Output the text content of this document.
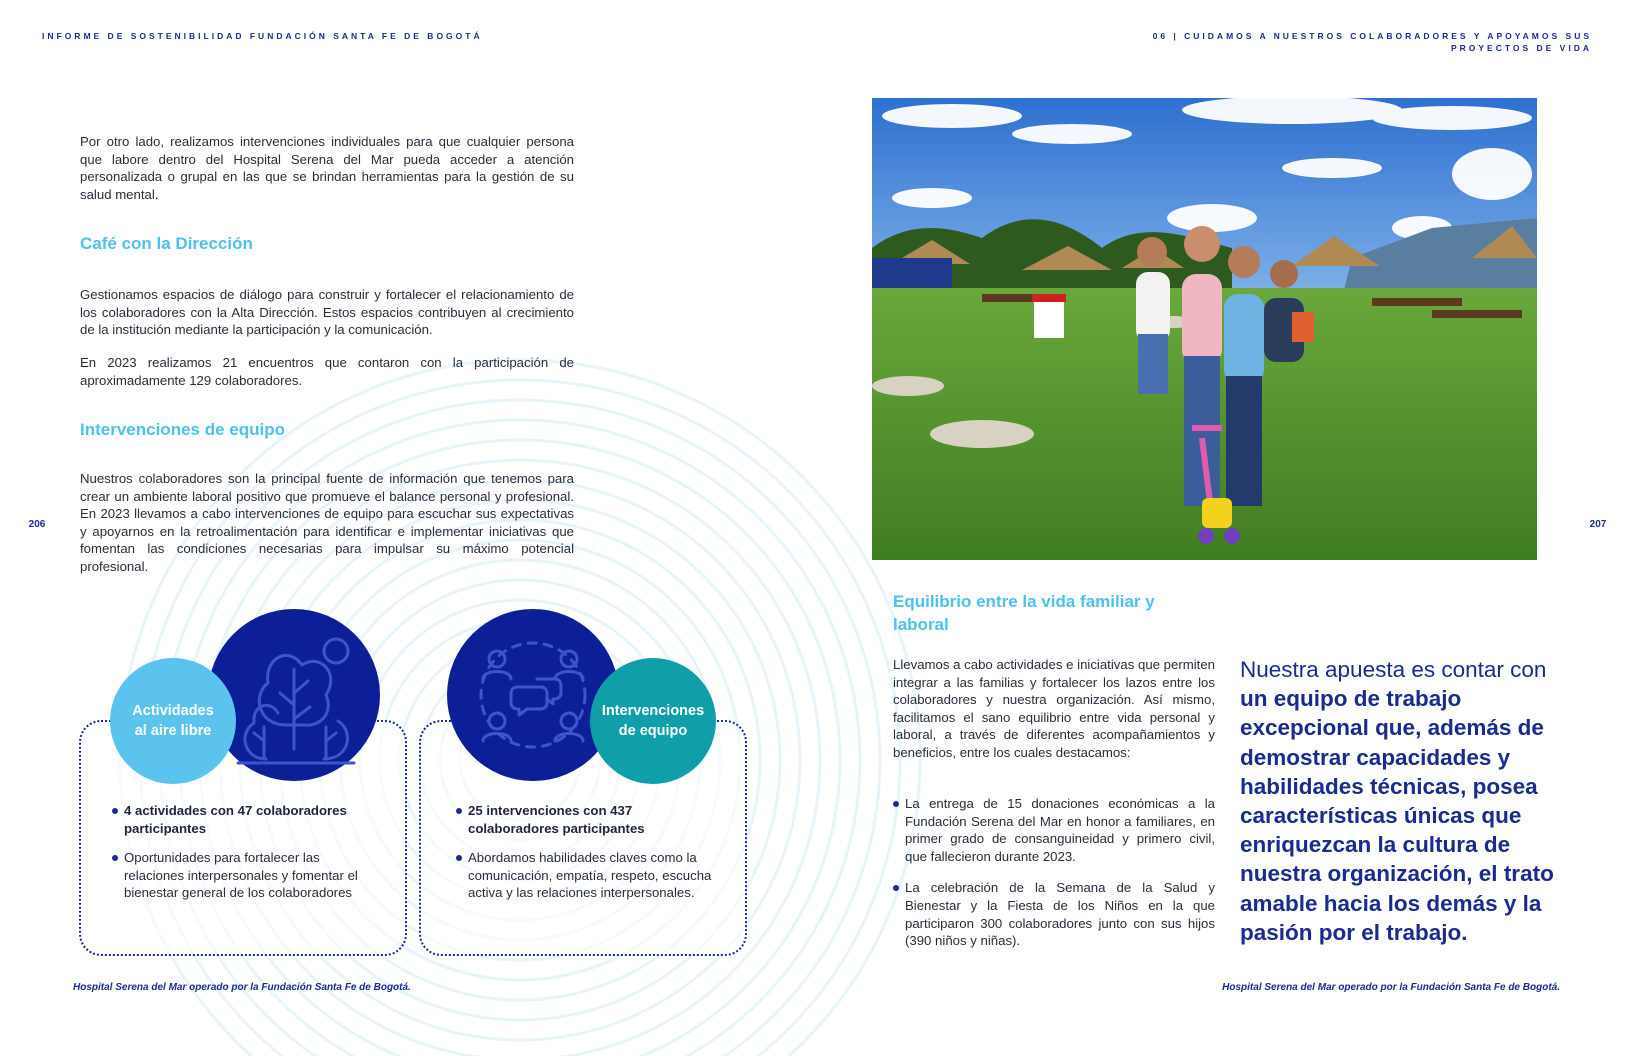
INFORME DE SOSTENIBILIDAD FUNDACIÓN SANTA FE DE BOGOTÁ	06 | CUIDAMOS A NUESTROS COLABORADORES Y APOYAMOS SUS PROYECTOS DE VIDA
206	207

Por otro lado, realizamos intervenciones individuales para que cualquier persona que labore dentro del Hospital Serena del Mar pueda acceder a atención personalizada o grupal en las que se brindan herramientas para la gestión de su salud mental.

Café con la Dirección

Gestionamos espacios de diálogo para construir y fortalecer el relacionamiento de los colaboradores con la Alta Dirección. Estos espacios contribuyen al crecimiento de la institución mediante la participación y la comunicación.

En 2023 realizamos 21 encuentros que contaron con la participación de aproximadamente 129 colaboradores.

Intervenciones de equipo

Nuestros colaboradores son la principal fuente de información que tenemos para crear un ambiente laboral positivo que promueve el balance personal y profesional. En 2023 llevamos a cabo intervenciones de equipo para escuchar sus expectativas y apoyarnos en la retroalimentación para identificar e implementar iniciativas que fomentan las condiciones necesarias para impulsar su máximo potencial profesional.

Actividades
al aire libre
4 actividades con 47 colaboradores participantes
Oportunidades para fortalecer las relaciones interpersonales y fomentar el bienestar general de los colaboradores
Intervenciones
de equipo
25 intervenciones con 437 colaboradores participantes
Abordamos habilidades claves como la comunicación, empatía, respeto, escucha activa y las relaciones interpersonales.
Hospital Serena del Mar operado por la Fundación Santa Fe de Bogotá.
Equilibrio entre la vida familiar y laboral

Llevamos a cabo actividades e iniciativas que permiten integrar a las familias y fortalecer los lazos entre los colaboradores y nuestra organización. Así mismo, facilitamos el sano equilibrio entre vida personal y laboral, a través de diferentes acompañamientos y beneficios, entre los cuales destacamos:

La entrega de 15 donaciones económicas a la Fundación Serena del Mar en honor a familiares, en primer grado de consanguineidad y primero civil, que fallecieron durante 2023.
La celebración de la Semana de la Salud y Bienestar y la Fiesta de los Niños en la que participaron 300 colaboradores junto con sus hijos (390 niños y niñas).
Nuestra apuesta es contar con un equipo de trabajo excepcional que, además de demostrar capacidades y habilidades técnicas, posea características únicas que enriquezcan la cultura de nuestra organización, el trato amable hacia los demás y la pasión por el trabajo.
Hospital Serena del Mar operado por la Fundación Santa Fe de Bogotá.
